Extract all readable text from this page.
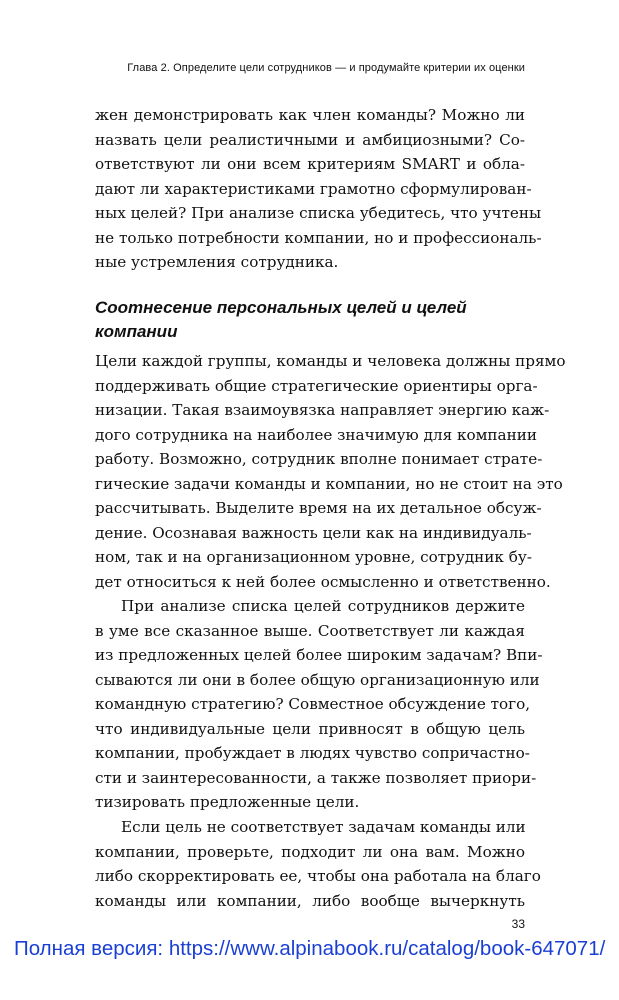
Глава 2. Определите цели сотрудников — и продумайте критерии их оценки
жен демонстрировать как член команды? Можно ли
назвать цели реалистичными и амбициозными? Со-
ответствуют ли они всем критериям SMART и обла-
дают ли характеристиками грамотно сформулирован-
ных целей? При анализе списка убедитесь, что учтены
не только потребности компании, но и профессиональ-
ные устремления сотрудника.
Соотнесение персональных целей и целей
компании
Цели каждой группы, команды и человека должны прямо
поддерживать общие стратегические ориентиры орга-
низации. Такая взаимоувязка направляет энергию каж-
дого сотрудника на наиболее значимую для компании
работу. Возможно, сотрудник вполне понимает страте-
гические задачи команды и компании, но не стоит на это
рассчитывать. Выделите время на их детальное обсуж-
дение. Осознавая важность цели как на индивидуаль-
ном, так и на организационном уровне, сотрудник бу-
дет относиться к ней более осмысленно и ответственно.
При анализе списка целей сотрудников держите
в уме все сказанное выше. Соответствует ли каждая
из предложенных целей более широким задачам? Впи-
сываются ли они в более общую организационную или
командную стратегию? Совместное обсуждение того,
что индивидуальные цели привносят в общую цель
компании, пробуждает в людях чувство сопричастно-
сти и заинтересованности, а также позволяет приори-
тизировать предложенные цели.
Если цель не соответствует задачам команды или
компании, проверьте, подходит ли она вам. Можно
либо скорректировать ее, чтобы она работала на благо
команды или компании, либо вообще вычеркнуть
33
Полная версия: https://www.alpinabook.ru/catalog/book-647071/
